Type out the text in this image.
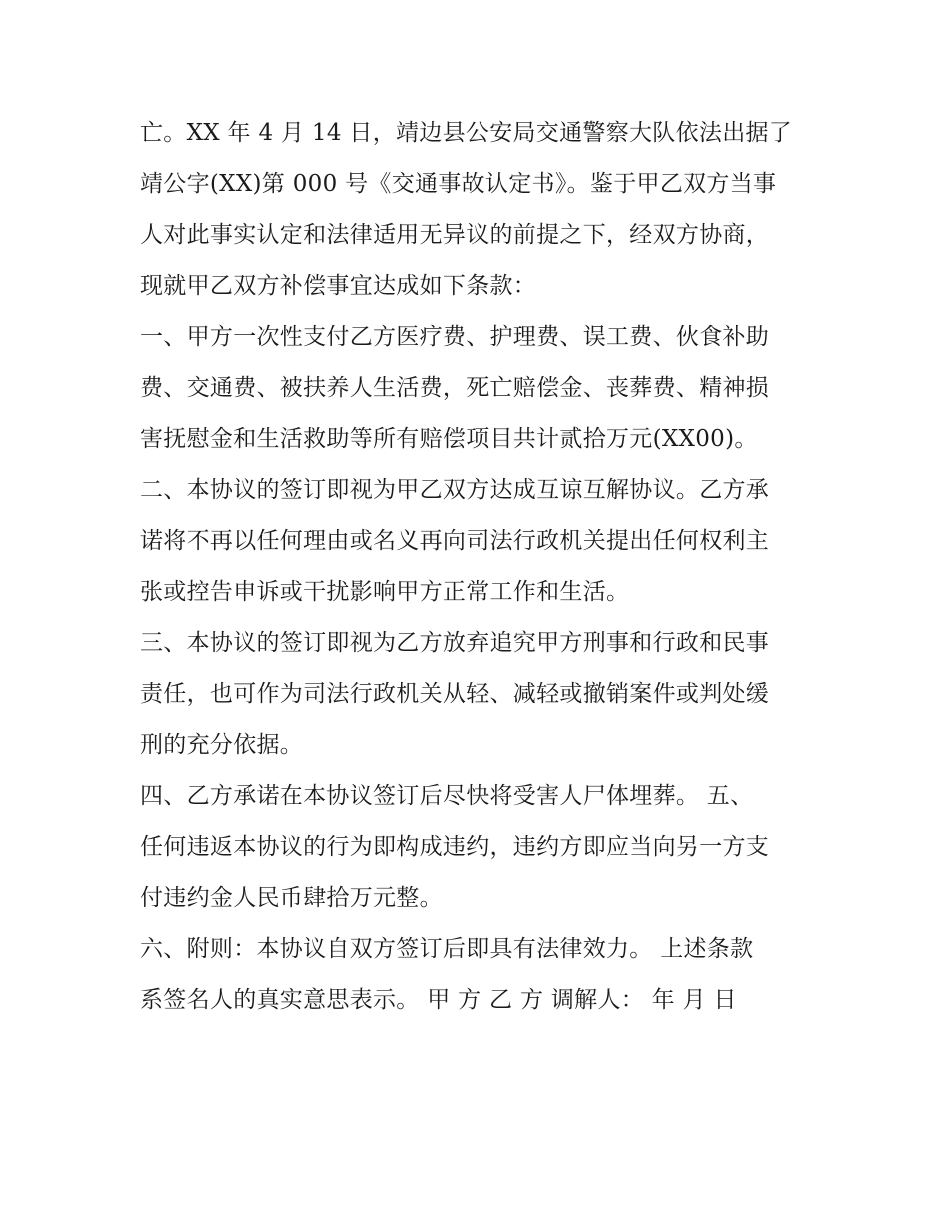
亡。XX 年 4 月 14 日，靖边县公安局交通警察大队依法出据了
靖公字(XX)第 000 号《交通事故认定书》。鉴于甲乙双方当事
人对此事实认定和法律适用无异议的前提之下，经双方协商，
现就甲乙双方补偿事宜达成如下条款：
一、甲方一次性支付乙方医疗费、护理费、误工费、伙食补助
费、交通费、被扶养人生活费，死亡赔偿金、丧葬费、精神损
害抚慰金和生活救助等所有赔偿项目共计贰拾万元(XX00)。
二、本协议的签订即视为甲乙双方达成互谅互解协议。乙方承
诺将不再以任何理由或名义再向司法行政机关提出任何权利主
张或控告申诉或干扰影响甲方正常工作和生活。
三、本协议的签订即视为乙方放弃追究甲方刑事和行政和民事
责任，也可作为司法行政机关从轻、减轻或撤销案件或判处缓
刑的充分依据。
四、乙方承诺在本协议签订后尽快将受害人尸体埋葬。 五、
任何违返本协议的行为即构成违约，违约方即应当向另一方支
付违约金人民币肆拾万元整。
六、附则：本协议自双方签订后即具有法律效力。 上述条款
系签名人的真实意思表示。 甲 方 乙 方 调解人： 年 月 日
